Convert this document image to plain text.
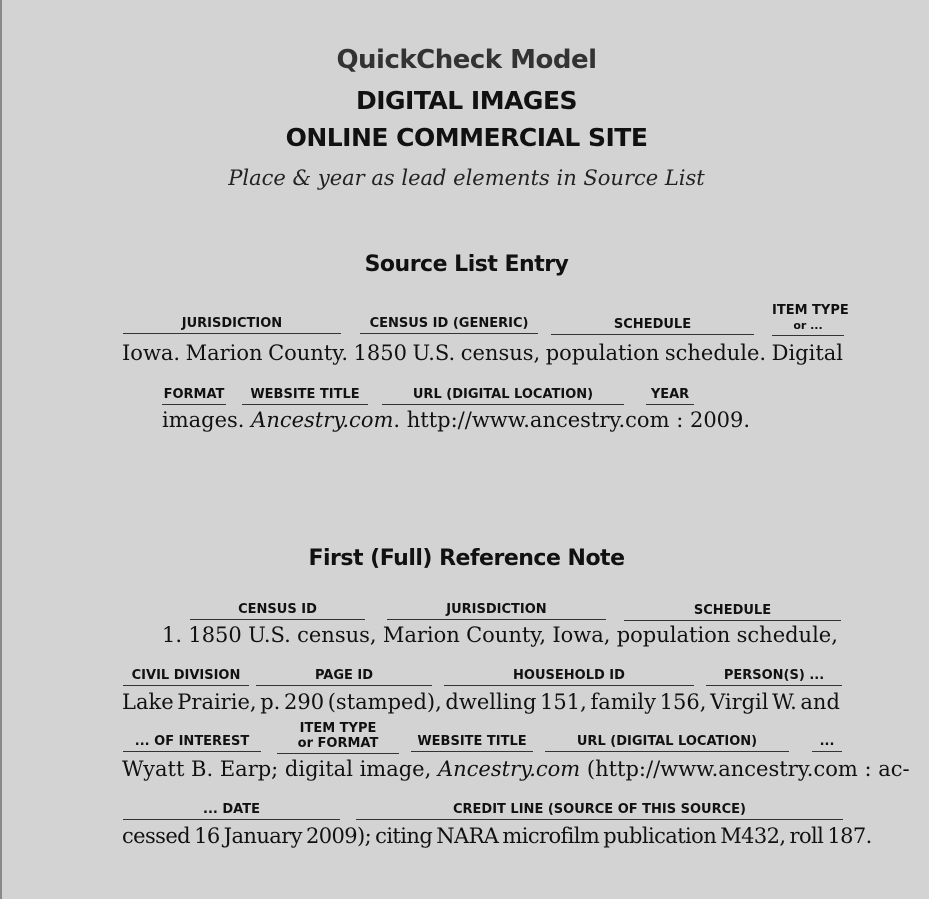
QuickCheck Model
DIGITAL IMAGES
ONLINE COMMERCIAL SITE
Place & year as lead elements in Source List
Source List Entry
JURISDICTION	CENSUS ID (GENERIC)	SCHEDULE
ITEM TYPE
or ...
Iowa. Marion County. 1850 U.S. census, population schedule. Digital
FORMAT	WEBSITE TITLE	URL (DIGITAL LOCATION)	YEAR
images. Ancestry.com. http://www.ancestry.com : 2009.
First (Full) Reference Note
CENSUS ID	JURISDICTION	SCHEDULE
1. 1850 U.S. census, Marion County, Iowa, population schedule,
CIVIL DIVISION	PAGE ID	HOUSEHOLD ID	PERSON(S) ...
Lake Prairie, p. 290 (stamped), dwelling 151, family 156, Virgil W. and
... OF INTEREST
ITEM TYPE
or FORMAT	WEBSITE TITLE	URL (DIGITAL LOCATION)	...
Wyatt B. Earp; digital image, Ancestry.com (http://www.ancestry.com : ac-
... DATE	CREDIT LINE (SOURCE OF THIS SOURCE)
cessed 16 January 2009); citing NARA microfilm publication M432, roll 187.
